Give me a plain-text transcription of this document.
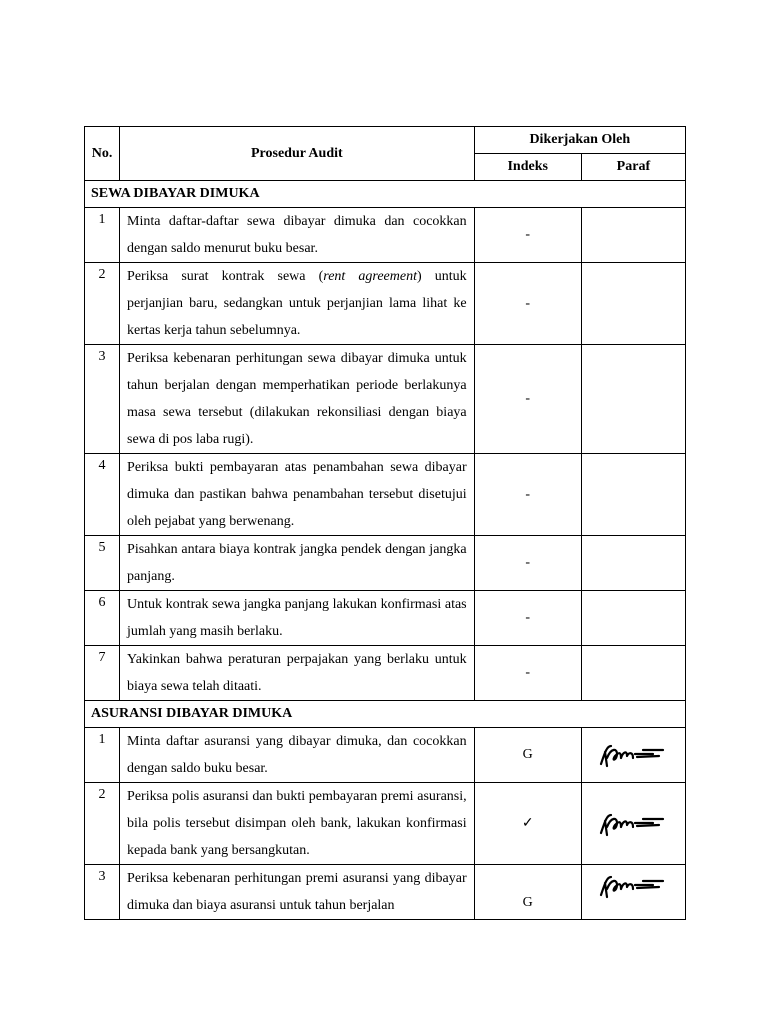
No.	Prosedur Audit	Dikerjakan Oleh	
		Indeks	Paraf
SEWA DIBAYAR DIMUKA			
1	Minta daftar-daftar sewa dibayar dimuka dan cocokkan dengan saldo menurut buku besar.	-	
2	Periksa surat kontrak sewa (rent agreement) untuk perjanjian baru, sedangkan untuk perjanjian lama lihat ke kertas kerja tahun sebelumnya.	-	
3	Periksa kebenaran perhitungan sewa dibayar dimuka untuk tahun berjalan dengan memperhatikan periode berlakunya masa sewa tersebut (dilakukan rekonsiliasi dengan biaya sewa di pos laba rugi).	-	
4	Periksa bukti pembayaran atas penambahan sewa dibayar dimuka dan pastikan bahwa penambahan tersebut disetujui oleh pejabat yang berwenang.	-	
5	Pisahkan antara biaya kontrak jangka pendek dengan jangka panjang.	-	
6	Untuk kontrak sewa jangka panjang lakukan konfirmasi atas jumlah yang masih berlaku.	-	
7	Yakinkan bahwa peraturan perpajakan yang berlaku untuk biaya sewa telah ditaati.	-	
ASURANSI DIBAYAR DIMUKA			
1	Minta daftar asuransi yang dibayar dimuka, dan cocokkan dengan saldo buku besar.	G	

2	Periksa polis asuransi dan bukti pembayaran premi asuransi, bila polis tersebut disimpan oleh bank, lakukan konfirmasi kepada bank yang bersangkutan.	✓	

3	Periksa kebenaran perhitungan premi asuransi yang dibayar dimuka dan biaya asuransi untuk tahun berjalan	G	
